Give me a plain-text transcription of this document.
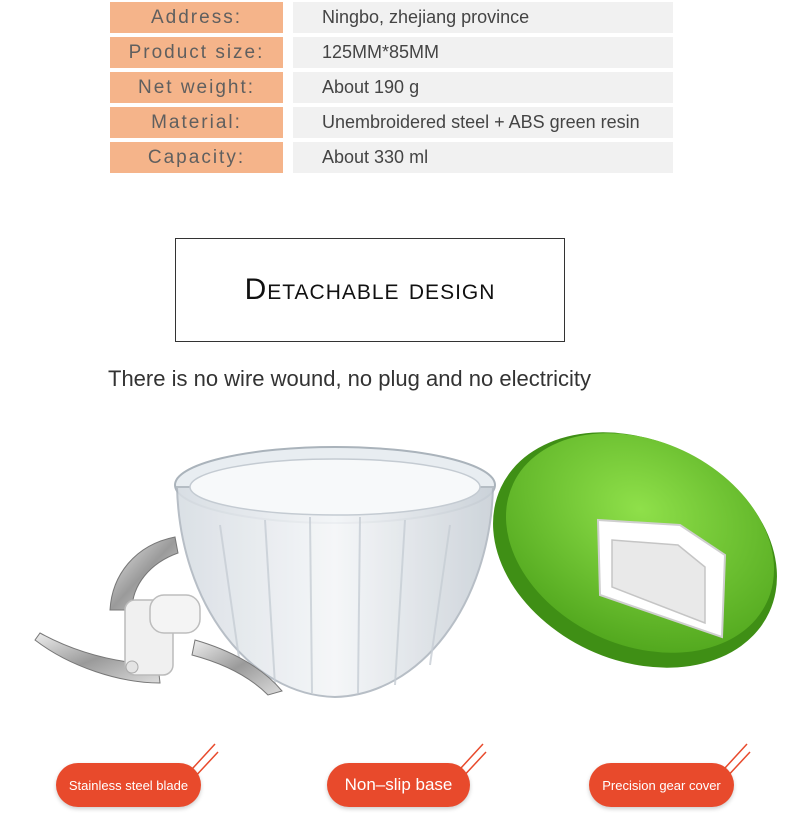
Address:	Ningbo, zhejiang province
Product size:	125MM*85MM
Net weight:	About 190 g
Material:	Unembroidered steel + ABS green resin
Capacity:	About 330 ml
Detachable design
There is no wire wound, no plug and no electricity
Stainless steel blade	Non–slip base	Precision gear cover
